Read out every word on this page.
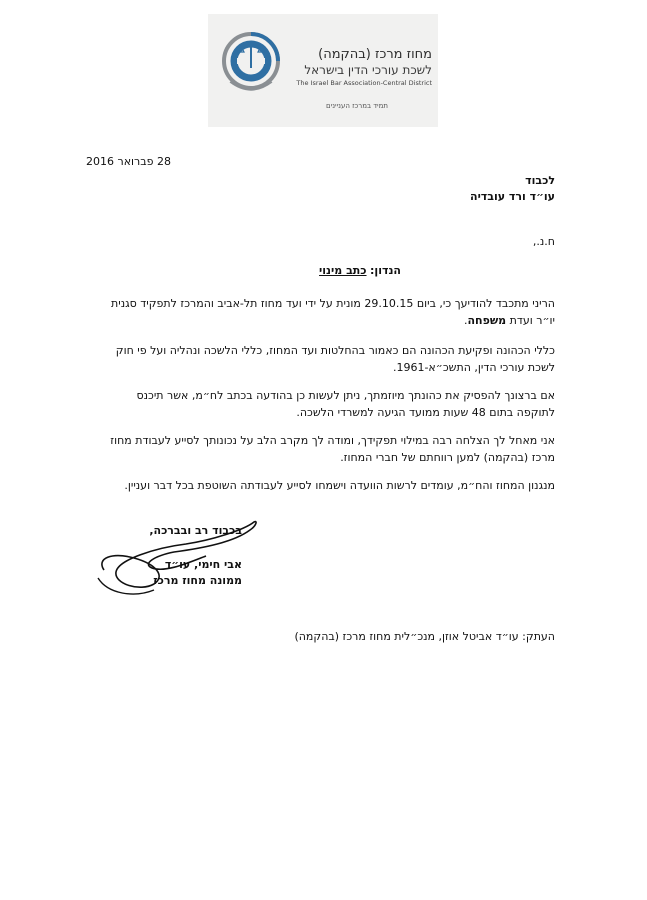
תמיד במרכז העניינים
מחוז מרכז (בהקמה)
לשכת עורכי הדין בישראל
The Israel Bar Association-Central District
28 פברואר 2016
לכבוד
עו״ד ורד עובדיה
ח.נ.,
הנדון: כתב מינוי
הריני מתכבד להודיעך כי, ביום 29.10.15 מונית על ידי ועד מחוז תל-אביב והמרכז לתפקיד סגנית
יו״ר ועדת משפחה.
כללי הכהונה ופקיעת הכהונה הם כאמור בהחלטות ועד המחוז, כללי הלשכה ונהליה ועל פי חוק
לשכת עורכי הדין, התשכ״א-1961.
אם ברצונך להפסיק את כהונתך מיוזמתך, ניתן לעשות כן בהודעה בכתב לח״מ, אשר תיכנס
לתוקפה בתום 48 שעות ממועד הגיעה למשרדי הלשכה.
אני מאחל לך הצלחה רבה במילוי תפקידך, ומודה לך מקרב הלב על נכונותך לסייע לעבודת מחוז
מרכז (בהקמה) למען רווחתם של חברי המחוז.
מנגנון המחוז והח״מ, עומדים לרשות הוועדה וישמחו לסייע לעבודתה השוטפת בכל דבר ועניין.
בכבוד רב ובברכה,
אבי חימי, עו״ד
ממונה מחוז מרכז
העתק: עו״ד אביטל אוזן, מנכ״לית מחוז מרכז (בהקמה)
